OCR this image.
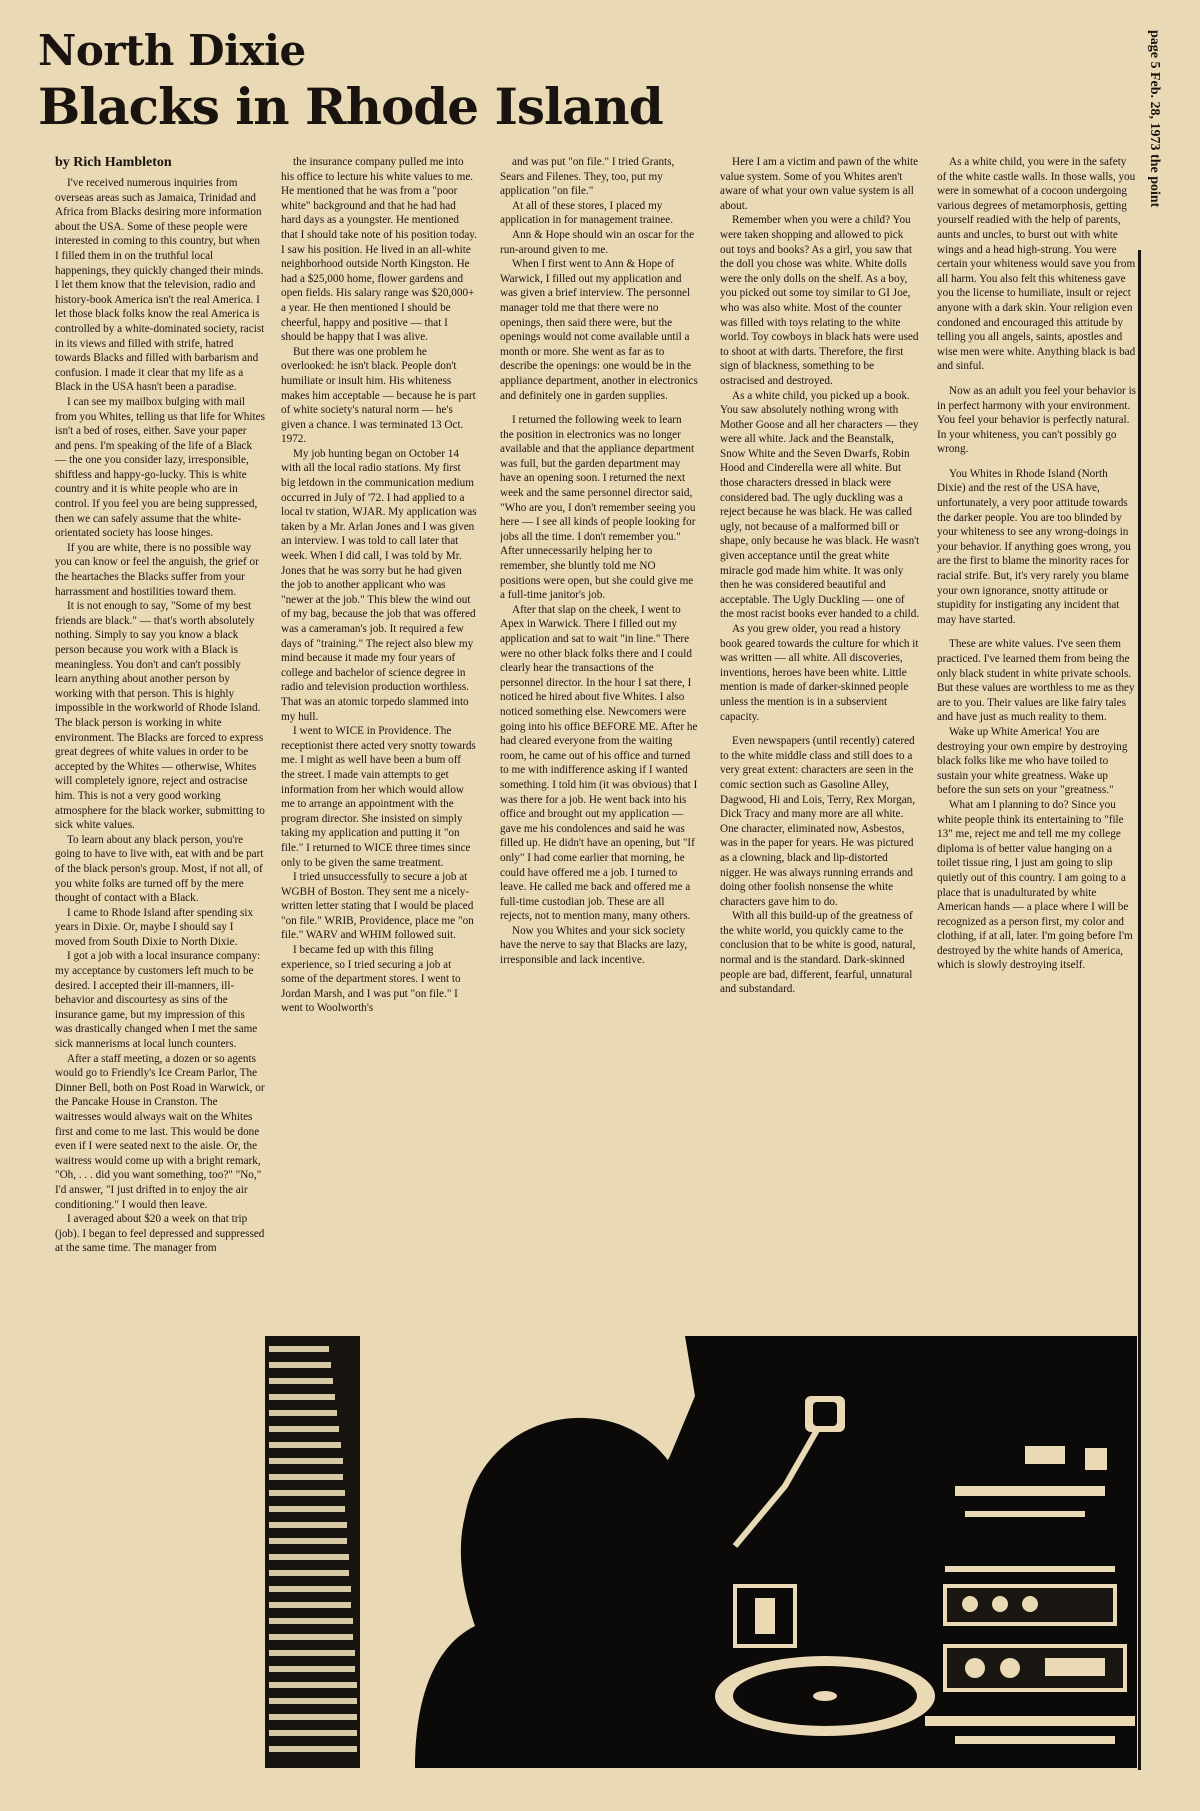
North Dixie
Blacks in Rhode Island	page 5 Feb. 28, 1973 the point
by Rich Hambleton

I've received numerous inquiries from overseas areas such as Jamaica, Trinidad and Africa from Blacks desiring more information about the USA. Some of these people were interested in coming to this country, but when I filled them in on the truthful local happenings, they quickly changed their minds. I let them know that the television, radio and history-book America isn't the real America. I let those black folks know the real America is controlled by a white-dominated society, racist in its views and filled with strife, hatred towards Blacks and filled with barbarism and confusion. I made it clear that my life as a Black in the USA hasn't been a paradise.

I can see my mailbox bulging with mail from you Whites, telling us that life for Whites isn't a bed of roses, either. Save your paper and pens. I'm speaking of the life of a Black — the one you consider lazy, irresponsible, shiftless and happy-go-lucky. This is white country and it is white people who are in control. If you feel you are being suppressed, then we can safely assume that the white-orientated society has loose hinges.

If you are white, there is no possible way you can know or feel the anguish, the grief or the heartaches the Blacks suffer from your harrassment and hostilities toward them.

It is not enough to say, "Some of my best friends are black." — that's worth absolutely nothing. Simply to say you know a black person because you work with a Black is meaningless. You don't and can't possibly learn anything about another person by working with that person. This is highly impossible in the workworld of Rhode Island. The black person is working in white environment. The Blacks are forced to express great degrees of white values in order to be accepted by the Whites — otherwise, Whites will completely ignore, reject and ostracise him. This is not a very good working atmosphere for the black worker, submitting to sick white values.

To learn about any black person, you're going to have to live with, eat with and be part of the black person's group. Most, if not all, of you white folks are turned off by the mere thought of contact with a Black.

I came to Rhode Island after spending six years in Dixie. Or, maybe I should say I moved from South Dixie to North Dixie.

I got a job with a local insurance company: my acceptance by customers left much to be desired. I accepted their ill-manners, ill-behavior and discourtesy as sins of the insurance game, but my impression of this was drastically changed when I met the same sick mannerisms at local lunch counters.

After a staff meeting, a dozen or so agents would go to Friendly's Ice Cream Parlor, The Dinner Bell, both on Post Road in Warwick, or the Pancake House in Cranston. The waitresses would always wait on the Whites first and come to me last. This would be done even if I were seated next to the aisle. Or, the waitress would come up with a bright remark, "Oh, . . . did you want something, too?" "No," I'd answer, "I just drifted in to enjoy the air conditioning." I would then leave.

I averaged about $20 a week on that trip (job). I began to feel depressed and suppressed at the same time. The manager from

the insurance company pulled me into his office to lecture his white values to me. He mentioned that he was from a "poor white" background and that he had had hard days as a youngster. He mentioned that I should take note of his position today. I saw his position. He lived in an all-white neighborhood outside North Kingston. He had a $25,000 home, flower gardens and open fields. His salary range was $20,000+ a year. He then mentioned I should be cheerful, happy and positive — that I should be happy that I was alive.

But there was one problem he overlooked: he isn't black. People don't humiliate or insult him. His whiteness makes him acceptable — because he is part of white society's natural norm — he's given a chance. I was terminated 13 Oct. 1972.

My job hunting began on October 14 with all the local radio stations. My first big letdown in the communication medium occurred in July of '72. I had applied to a local tv station, WJAR. My application was taken by a Mr. Arlan Jones and I was given an interview. I was told to call later that week. When I did call, I was told by Mr. Jones that he was sorry but he had given the job to another applicant who was "newer at the job." This blew the wind out of my bag, because the job that was offered was a cameraman's job. It required a few days of "training." The reject also blew my mind because it made my four years of college and bachelor of science degree in radio and television production worthless. That was an atomic torpedo slammed into my hull.

I went to WICE in Providence. The receptionist there acted very snotty towards me. I might as well have been a bum off the street. I made vain attempts to get information from her which would allow me to arrange an appointment with the program director. She insisted on simply taking my application and putting it "on file." I returned to WICE three times since only to be given the same treatment.

I tried unsuccessfully to secure a job at WGBH of Boston. They sent me a nicely-written letter stating that I would be placed "on file." WRIB, Providence, place me "on file." WARV and WHIM followed suit.

I became fed up with this filing experience, so I tried securing a job at some of the department stores. I went to Jordan Marsh, and I was put "on file." I went to Woolworth's

and was put "on file." I tried Grants, Sears and Filenes. They, too, put my application "on file."

At all of these stores, I placed my application in for management trainee.

Ann & Hope should win an oscar for the run-around given to me.

When I first went to Ann & Hope of Warwick, I filled out my application and was given a brief interview. The personnel manager told me that there were no openings, then said there were, but the openings would not come available until a month or more. She went as far as to describe the openings: one would be in the appliance department, another in electronics and definitely one in garden supplies.

I returned the following week to learn the position in electronics was no longer available and that the appliance department was full, but the garden department may have an opening soon. I returned the next week and the same personnel director said, "Who are you, I don't remember seeing you here — I see all kinds of people looking for jobs all the time. I don't remember you." After unnecessarily helping her to remember, she bluntly told me NO positions were open, but she could give me a full-time janitor's job.

After that slap on the cheek, I went to Apex in Warwick. There I filled out my application and sat to wait "in line." There were no other black folks there and I could clearly hear the transactions of the personnel director. In the hour I sat there, I noticed he hired about five Whites. I also noticed something else. Newcomers were going into his office BEFORE ME. After he had cleared everyone from the waiting room, he came out of his office and turned to me with indifference asking if I wanted something. I told him (it was obvious) that I was there for a job. He went back into his office and brought out my application — gave me his condolences and said he was filled up. He didn't have an opening, but "If only" I had come earlier that morning, he could have offered me a job. I turned to leave. He called me back and offered me a full-time custodian job. These are all rejects, not to mention many, many others.

Now you Whites and your sick society have the nerve to say that Blacks are lazy, irresponsible and lack incentive.

Here I am a victim and pawn of the white value system. Some of you Whites aren't aware of what your own value system is all about.

Remember when you were a child? You were taken shopping and allowed to pick out toys and books? As a girl, you saw that the doll you chose was white. White dolls were the only dolls on the shelf. As a boy, you picked out some toy similar to GI Joe, who was also white. Most of the counter was filled with toys relating to the white world. Toy cowboys in black hats were used to shoot at with darts. Therefore, the first sign of blackness, something to be ostracised and destroyed.

As a white child, you picked up a book. You saw absolutely nothing wrong with Mother Goose and all her characters — they were all white. Jack and the Beanstalk, Snow White and the Seven Dwarfs, Robin Hood and Cinderella were all white. But those characters dressed in black were considered bad. The ugly duckling was a reject because he was black. He was called ugly, not because of a malformed bill or shape, only because he was black. He wasn't given acceptance until the great white miracle god made him white. It was only then he was considered beautiful and acceptable. The Ugly Duckling — one of the most racist books ever handed to a child.

As you grew older, you read a history book geared towards the culture for which it was written — all white. All discoveries, inventions, heroes have been white. Little mention is made of darker-skinned people unless the mention is in a subservient capacity.

Even newspapers (until recently) catered to the white middle class and still does to a very great extent: characters are seen in the comic section such as Gasoline Alley, Dagwood, Hi and Lois, Terry, Rex Morgan, Dick Tracy and many more are all white. One character, eliminated now, Asbestos, was in the paper for years. He was pictured as a clowning, black and lip-distorted nigger. He was always running errands and doing other foolish nonsense the white characters gave him to do.

With all this build-up of the greatness of the white world, you quickly came to the conclusion that to be white is good, natural, normal and is the standard. Dark-skinned people are bad, different, fearful, unnatural and substandard.

As a white child, you were in the safety of the white castle walls. In those walls, you were in somewhat of a cocoon undergoing various degrees of metamorphosis, getting yourself readied with the help of parents, aunts and uncles, to burst out with white wings and a head high-strung. You were certain your whiteness would save you from all harm. You also felt this whiteness gave you the license to humiliate, insult or reject anyone with a dark skin. Your religion even condoned and encouraged this attitude by telling you all angels, saints, apostles and wise men were white. Anything black is bad and sinful.

Now as an adult you feel your behavior is in perfect harmony with your environment. You feel your behavior is perfectly natural. In your whiteness, you can't possibly go wrong.

You Whites in Rhode Island (North Dixie) and the rest of the USA have, unfortunately, a very poor attitude towards the darker people. You are too blinded by your whiteness to see any wrong-doings in your behavior. If anything goes wrong, you are the first to blame the minority races for racial strife. But, it's very rarely you blame your own ignorance, snotty attitude or stupidity for instigating any incident that may have started.

These are white values. I've seen them practiced. I've learned them from being the only black student in white private schools. But these values are worthless to me as they are to you. Their values are like fairy tales and have just as much reality to them.

Wake up White America! You are destroying your own empire by destroying black folks like me who have toiled to sustain your white greatness. Wake up before the sun sets on your "greatness."

What am I planning to do? Since you white people think its entertaining to "file 13" me, reject me and tell me my college diploma is of better value hanging on a toilet tissue ring, I just am going to slip quietly out of this country. I am going to a place that is unadulturated by white American hands — a place where I will be recognized as a person first, my color and clothing, if at all, later. I'm going before I'm destroyed by the white hands of America, which is slowly destroying itself.
